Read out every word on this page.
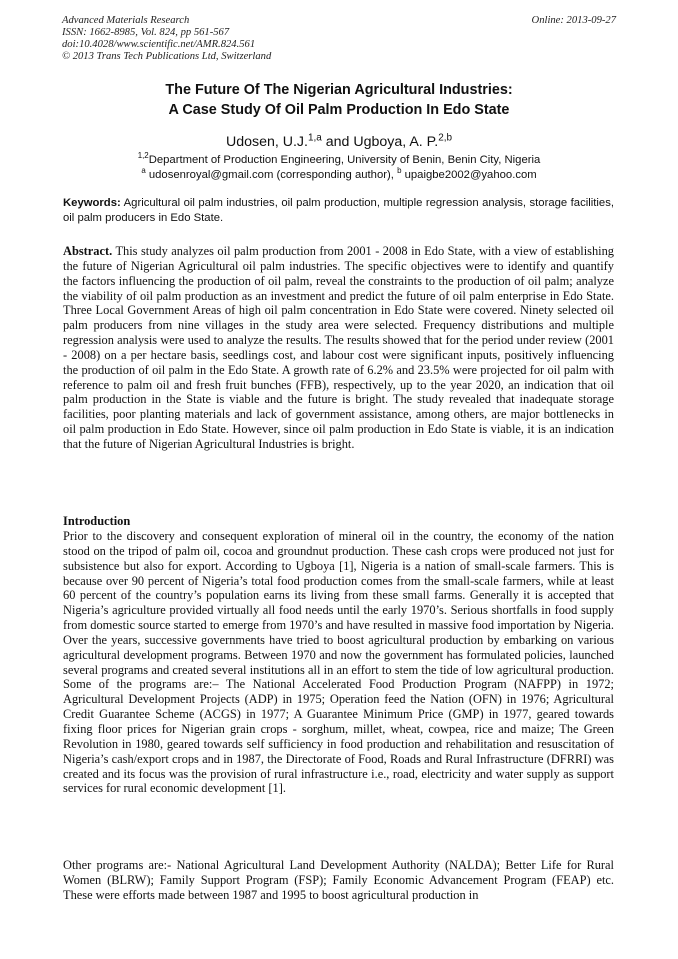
Advanced Materials Research
ISSN: 1662-8985, Vol. 824, pp 561-567
doi:10.4028/www.scientific.net/AMR.824.561
© 2013 Trans Tech Publications Ltd, Switzerland
Online: 2013-09-27
The Future Of The Nigerian Agricultural Industries:
A Case Study Of Oil Palm Production In Edo State
Udosen, U.J.$^{1,a}$ and Ugboya, A. P.$^{2,b}$
$^{1,2}$Department of Production Engineering, University of Benin, Benin City, Nigeria
$^a$ udosenroyal@gmail.com (corresponding author), $^b$ upaigbe2002@yahoo.com
Keywords: Agricultural oil palm industries, oil palm production, multiple regression analysis, storage facilities, oil palm producers in Edo State.
Abstract. This study analyzes oil palm production from 2001 - 2008 in Edo State, with a view of establishing the future of Nigerian Agricultural oil palm industries. The specific objectives were to identify and quantify the factors influencing the production of oil palm, reveal the constraints to the production of oil palm; analyze the viability of oil palm production as an investment and predict the future of oil palm enterprise in Edo State. Three Local Government Areas of high oil palm concentration in Edo State were covered. Ninety selected oil palm producers from nine villages in the study area were selected. Frequency distributions and multiple regression analysis were used to analyze the results. The results showed that for the period under review (2001 - 2008) on a per hectare basis, seedlings cost, and labour cost were significant inputs, positively influencing the production of oil palm in the Edo State. A growth rate of 6.2% and 23.5% were projected for oil palm with reference to palm oil and fresh fruit bunches (FFB), respectively, up to the year 2020, an indication that oil palm production in the State is viable and the future is bright. The study revealed that inadequate storage facilities, poor planting materials and lack of government assistance, among others, are major bottlenecks in oil palm production in Edo State. However, since oil palm production in Edo State is viable, it is an indication that the future of Nigerian Agricultural Industries is bright.
Introduction
Prior to the discovery and consequent exploration of mineral oil in the country, the economy of the nation stood on the tripod of palm oil, cocoa and groundnut production. These cash crops were produced not just for subsistence but also for export. According to Ugboya [1], Nigeria is a nation of small-scale farmers. This is because over 90 percent of Nigeria’s total food production comes from the small-scale farmers, while at least 60 percent of the country’s population earns its living from these small farms. Generally it is accepted that Nigeria’s agriculture provided virtually all food needs until the early 1970’s. Serious shortfalls in food supply from domestic source started to emerge from 1970’s and have resulted in massive food importation by Nigeria. Over the years, successive governments have tried to boost agricultural production by embarking on various agricultural development programs. Between 1970 and now the government has formulated policies, launched several programs and created several institutions all in an effort to stem the tide of low agricultural production. Some of the programs are:– The National Accelerated Food Production Program (NAFPP) in 1972; Agricultural Development Projects (ADP) in 1975; Operation feed the Nation (OFN) in 1976; Agricultural Credit Guarantee Scheme (ACGS) in 1977; A Guarantee Minimum Price (GMP) in 1977, geared towards fixing floor prices for Nigerian grain crops - sorghum, millet, wheat, cowpea, rice and maize; The Green Revolution in 1980, geared towards self sufficiency in food production and rehabilitation and resuscitation of Nigeria’s cash/export crops and in 1987, the Directorate of Food, Roads and Rural Infrastructure (DFRRI) was created and its focus was the provision of rural infrastructure i.e., road, electricity and water supply as support services for rural economic development [1].
Other programs are:- National Agricultural Land Development Authority (NALDA); Better Life for Rural Women (BLRW); Family Support Program (FSP); Family Economic Advancement Program (FEAP) etc. These were efforts made between 1987 and 1995 to boost agricultural production in
